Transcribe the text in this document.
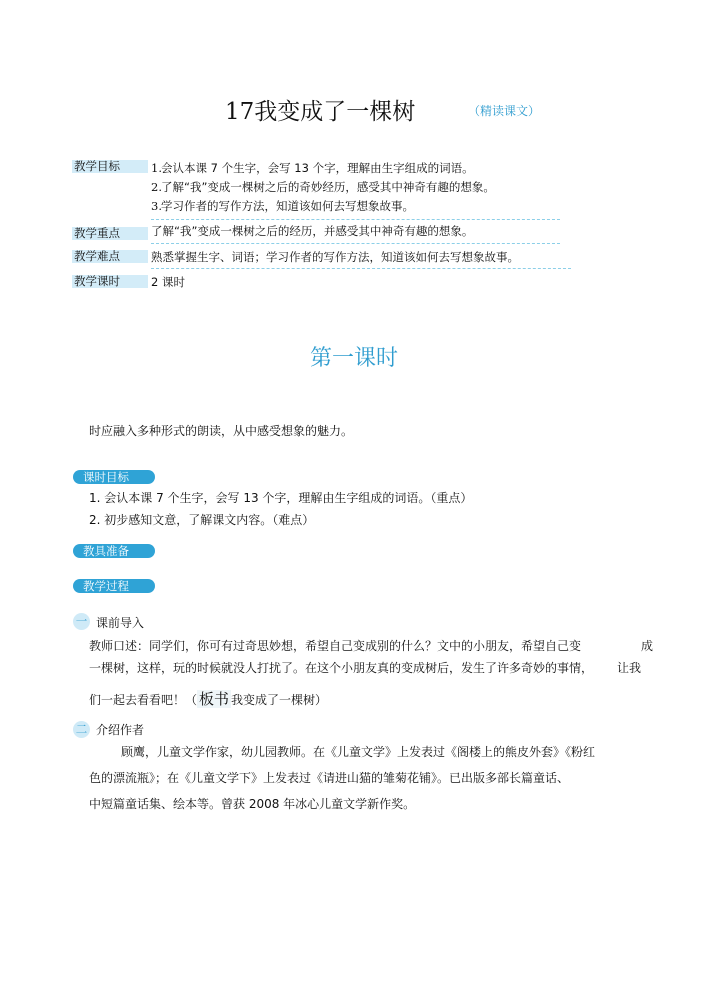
17我变成了一棵树	（精读课文）
教学目标	1.会认本课 7 个生字，会写 13 个字，理解由生字组成的词语。
2.了解“我”变成一棵树之后的奇妙经历，感受其中神奇有趣的想象。
3.学习作者的写作方法，知道该如何去写想象故事。
教学重点	了解“我”变成一棵树之后的经历，并感受其中神奇有趣的想象。
教学难点	熟悉掌握生字、词语；学习作者的写作方法，知道该如何去写想象故事。
教学课时	2 课时
第一课时
时应融入多种形式的朗读，从中感受想象的魅力。
课时目标
1. 会认本课 7 个生字，会写 13 个字，理解由生字组成的词语。（重点）
2. 初步感知文意，了解课文内容。（难点）
教具准备
教学过程
一 课前导入
教师口述：同学们，你可有过奇思妙想，希望自己变成别的什么？文中的小朋友，希望自己变	成
一棵树，这样，玩的时候就没人打扰了。在这个小朋友真的变成树后，发生了许多奇妙的事情， 让我
们一起去看看吧！（ 板书 我变成了一棵树）
二 介绍作者
顾鹰，儿童文学作家，幼儿园教师。在《儿童文学》上发表过《阁楼上的熊皮外套》《粉红
色的漂流瓶》；在《儿童文学下》上发表过《请进山猫的雏菊花铺》。已出版多部长篇童话、
中短篇童话集、绘本等。曾获 2008 年冰心儿童文学新作奖。
